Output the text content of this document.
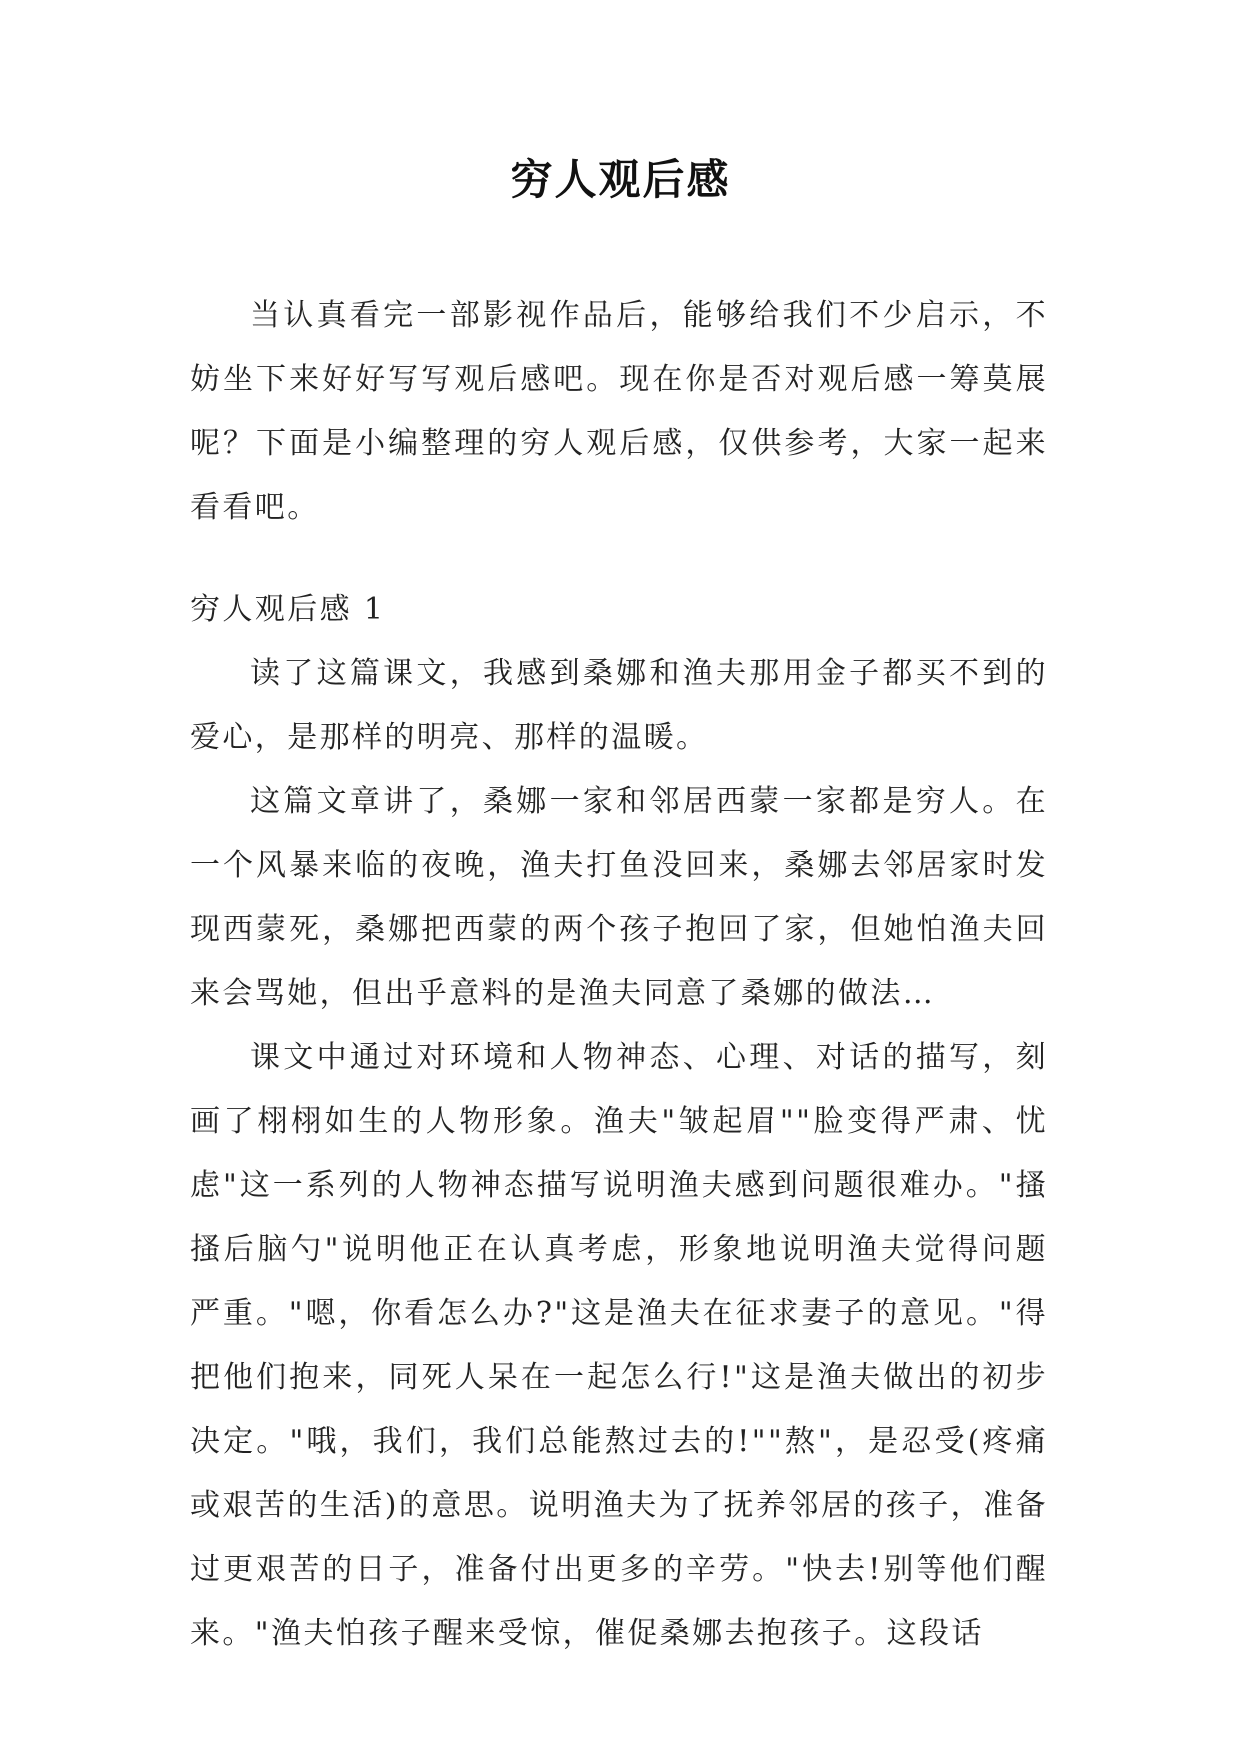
穷人观后感

当认真看完一部影视作品后，能够给我们不少启示，不妨坐下来好好写写观后感吧。现在你是否对观后感一筹莫展呢？下面是小编整理的穷人观后感，仅供参考，大家一起来看看吧。

穷人观后感 1

读了这篇课文，我感到桑娜和渔夫那用金子都买不到的爱心，是那样的明亮、那样的温暖。

这篇文章讲了，桑娜一家和邻居西蒙一家都是穷人。在一个风暴来临的夜晚，渔夫打鱼没回来，桑娜去邻居家时发现西蒙死，桑娜把西蒙的两个孩子抱回了家，但她怕渔夫回来会骂她，但出乎意料的是渔夫同意了桑娜的做法…

课文中通过对环境和人物神态、心理、对话的描写，刻画了栩栩如生的人物形象。渔夫"皱起眉""脸变得严肃、忧虑"这一系列的人物神态描写说明渔夫感到问题很难办。"搔搔后脑勺"说明他正在认真考虑，形象地说明渔夫觉得问题严重。"嗯，你看怎么办?"这是渔夫在征求妻子的意见。"得把他们抱来，同死人呆在一起怎么行!"这是渔夫做出的初步决定。"哦，我们，我们总能熬过去的!""熬"，是忍受(疼痛或艰苦的生活)的意思。说明渔夫为了抚养邻居的孩子，准备过更艰苦的日子，准备付出更多的辛劳。"快去!别等他们醒来。"渔夫怕孩子醒来受惊，催促桑娜去抱孩子。这段话
